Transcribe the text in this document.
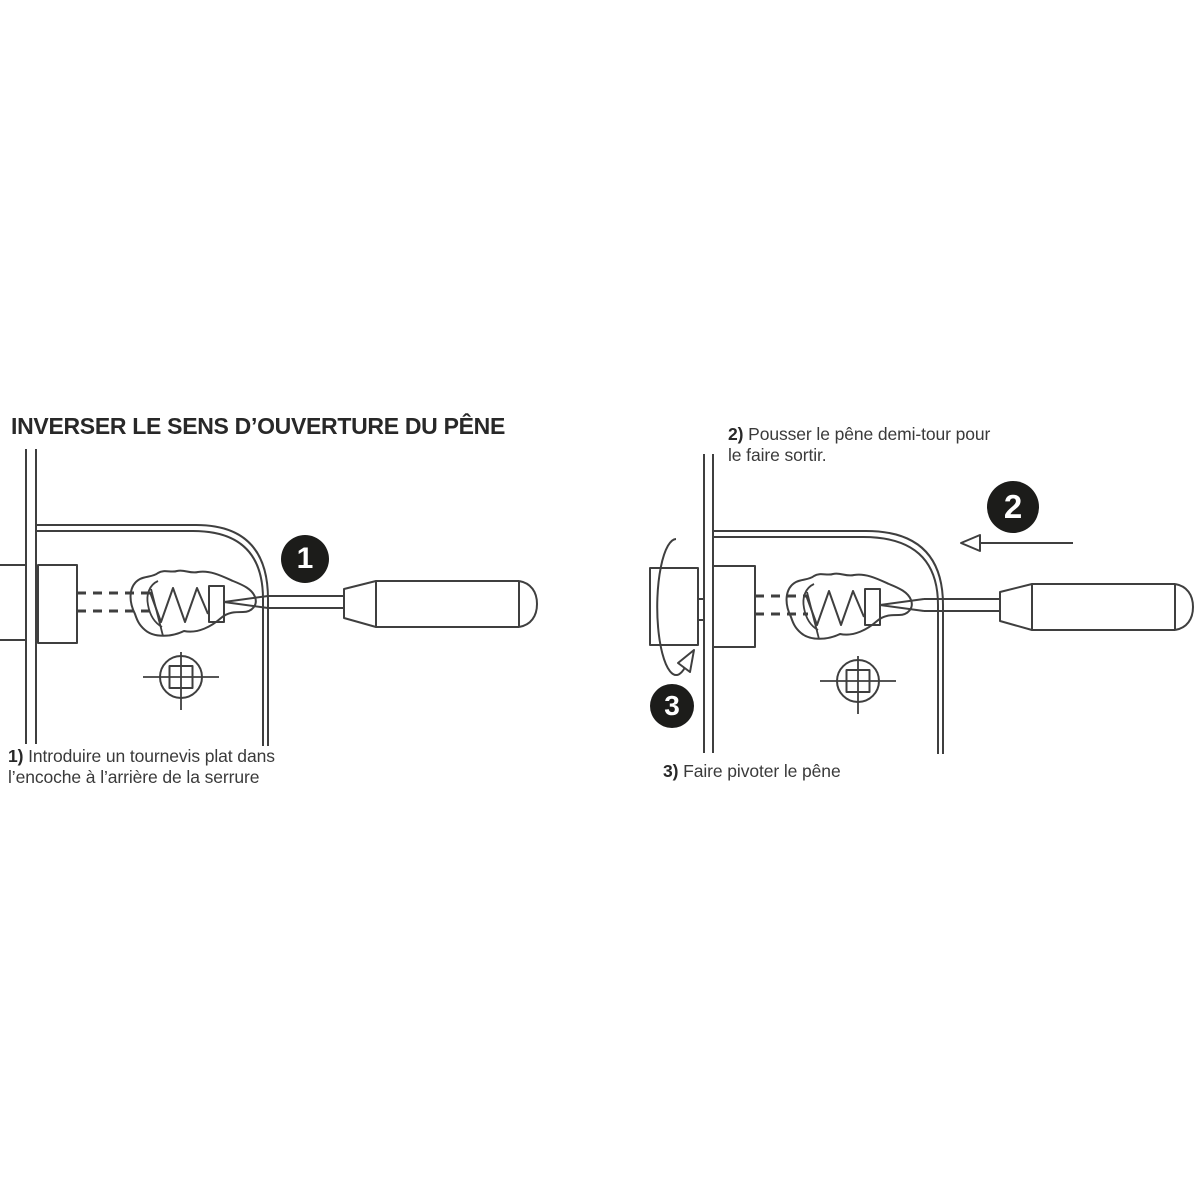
INVERSER LE SENS D’OUVERTURE DU PÊNE
1
2
3
1) Introduire un tournevis plat dans
l’encoche à l’arrière de la serrure
2) Pousser le pêne demi-tour pour
le faire sortir.
3) Faire pivoter le pêne
